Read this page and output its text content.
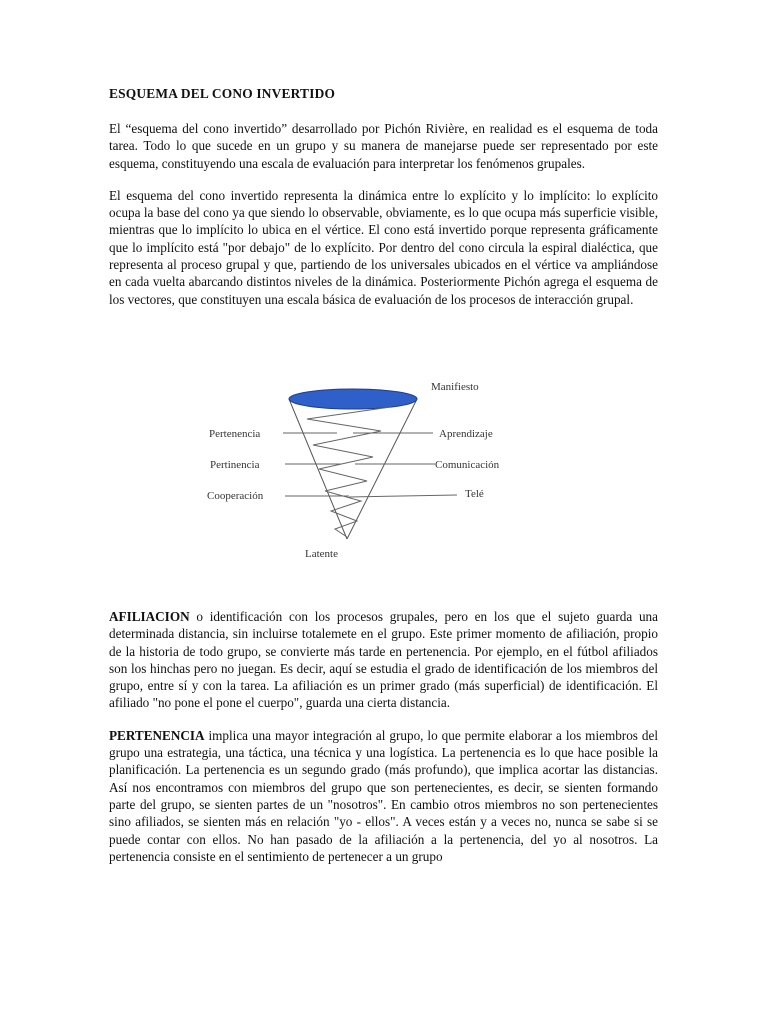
ESQUEMA DEL CONO INVERTIDO

El “esquema del cono invertido” desarrollado por Pichón Rivière, en realidad es el esquema de toda tarea. Todo lo que sucede en un grupo y su manera de manejarse puede ser representado por este esquema, constituyendo una escala de evaluación para interpretar los fenómenos grupales.

El esquema del cono invertido representa la dinámica entre lo explícito y lo implícito: lo explícito ocupa la base del cono ya que siendo lo observable, obviamente, es lo que ocupa más superficie visible, mientras que lo implícito lo ubica en el vértice. El cono está invertido porque representa gráficamente que lo implícito está "por debajo" de lo explícito. Por dentro del cono circula la espiral dialéctica, que representa al proceso grupal y que, partiendo de los universales ubicados en el vértice va ampliándose en cada vuelta abarcando distintos niveles de la dinámica. Posteriormente Pichón agrega el esquema de los vectores, que constituyen una escala básica de evaluación de los procesos de interacción grupal.

Manifiesto
Pertenencia
Pertinencia
Cooperación
Aprendizaje
Comunicación
Telé
Latente

AFILIACION o identificación con los procesos grupales, pero en los que el sujeto guarda una determinada distancia, sin incluirse totalemete en el grupo. Este primer momento de afiliación, propio de la historia de todo grupo, se convierte más tarde en pertenencia. Por ejemplo, en el fútbol afiliados son los hinchas pero no juegan. Es decir, aquí se estudia el grado de identificación de los miembros del grupo, entre sí y con la tarea. La afiliación es un primer grado (más superficial) de identificación. El afiliado "no pone el pone el cuerpo", guarda una cierta distancia.

PERTENENCIA implica una mayor integración al grupo, lo que permite elaborar a los miembros del grupo una estrategia, una táctica, una técnica y una logística. La pertenencia es lo que hace posible la planificación. La pertenencia es un segundo grado (más profundo), que implica acortar las distancias. Así nos encontramos con miembros del grupo que son pertenecientes, es decir, se sienten formando parte del grupo, se sienten partes de un "nosotros". En cambio otros miembros no son pertenecientes sino afiliados, se sienten más en relación "yo - ellos". A veces están y a veces no, nunca se sabe si se puede contar con ellos. No han pasado de la afiliación a la pertenencia, del yo al nosotros. La pertenencia consiste en el sentimiento de pertenecer a un grupo
